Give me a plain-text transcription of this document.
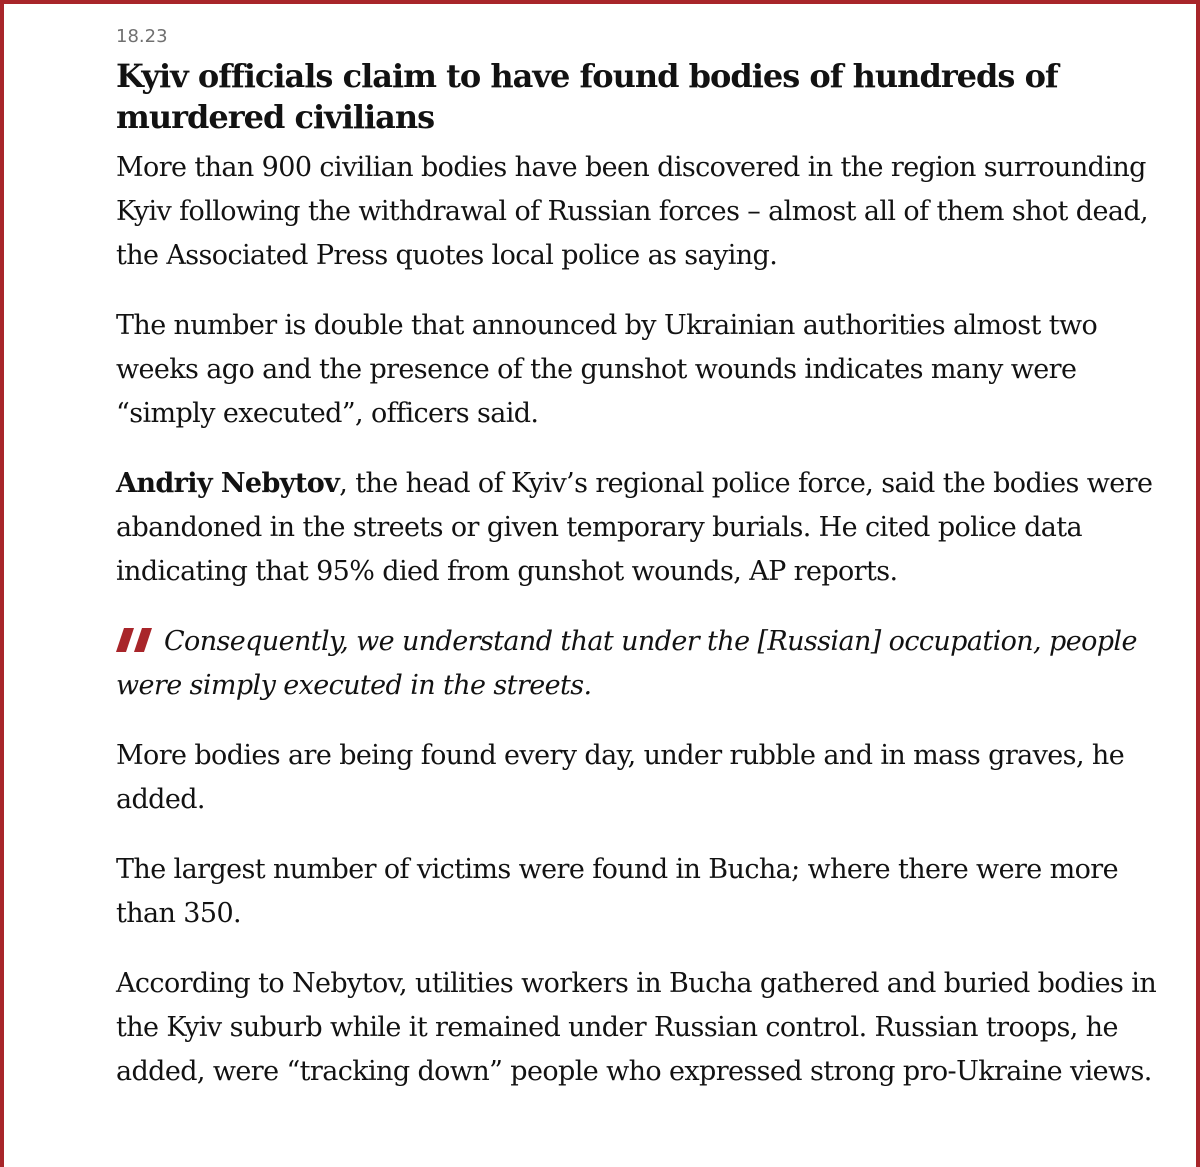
18.23
Kyiv officials claim to have found bodies of hundreds of murdered civilians

More than 900 civilian bodies have been discovered in the region surrounding Kyiv following the withdrawal of Russian forces – almost all of them shot dead, the Associated Press quotes local police as saying.

The number is double that announced by Ukrainian authorities almost two weeks ago and the presence of the gunshot wounds indicates many were “simply executed”, officers said.

Andriy Nebytov, the head of Kyiv’s regional police force, said the bodies were abandoned in the streets or given temporary burials. He cited police data indicating that 95% died from gunshot wounds, AP reports.

Consequently, we understand that under the [Russian] occupation, people were simply executed in the streets.

More bodies are being found every day, under rubble and in mass graves, he added.

The largest number of victims were found in Bucha; where there were more than 350.

According to Nebytov, utilities workers in Bucha gathered and buried bodies in the Kyiv suburb while it remained under Russian control. Russian troops, he added, were “tracking down” people who expressed strong pro-Ukraine views.
